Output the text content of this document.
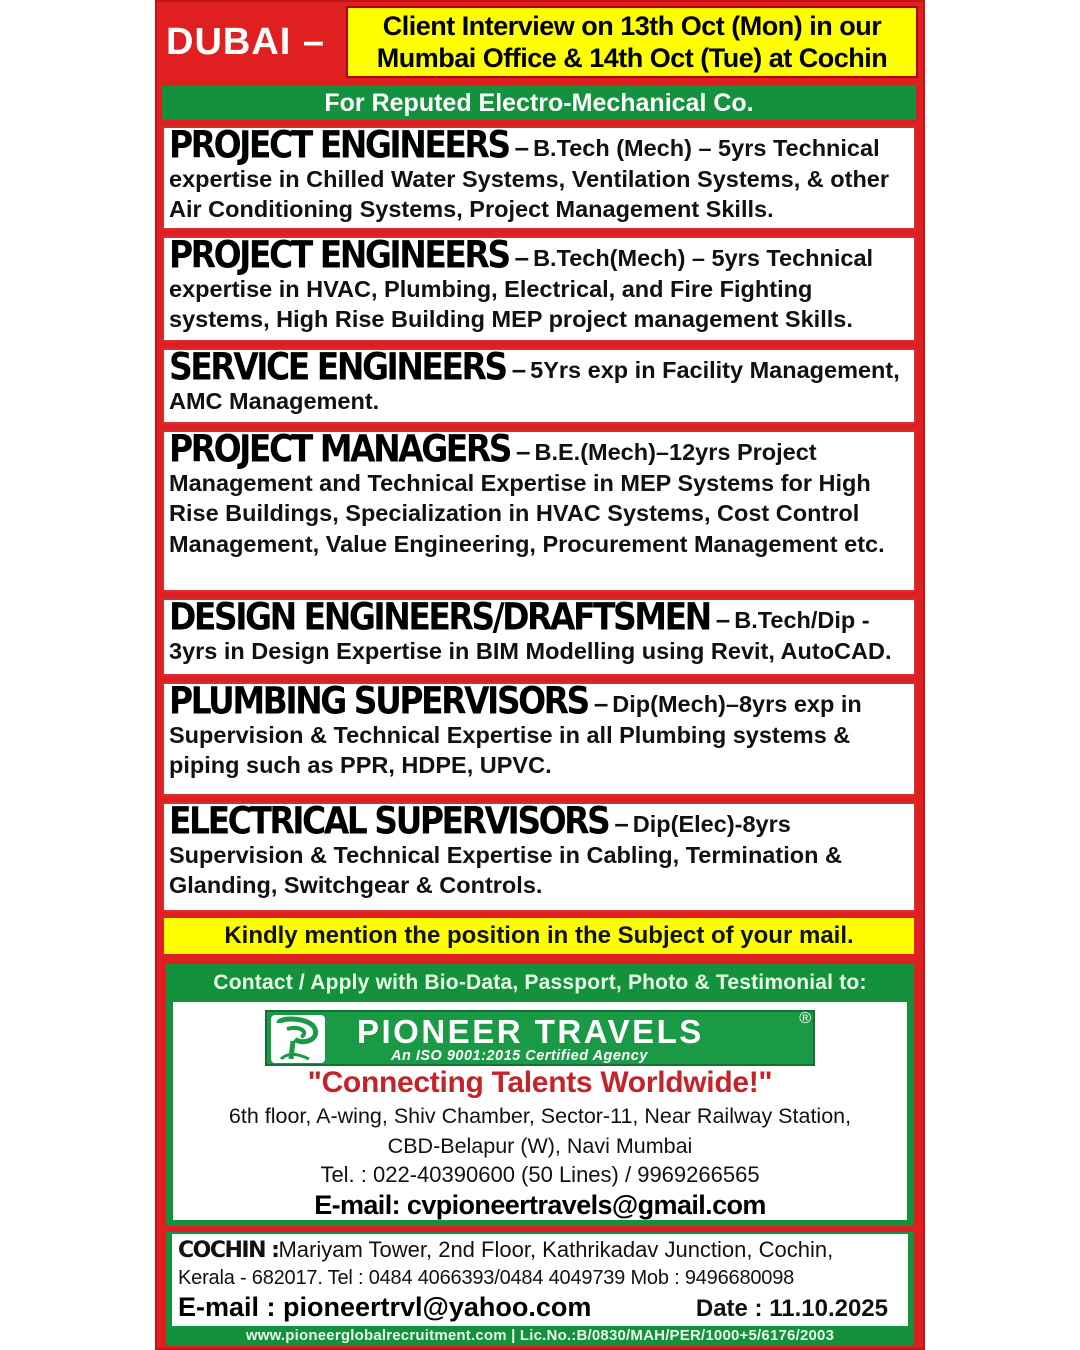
DUBAI –	Client Interview on 13th Oct (Mon) in our
Mumbai Office & 14th Oct (Tue) at Cochin
For Reputed Electro-Mechanical Co.
PROJECT ENGINEERS – B.Tech (Mech) – 5yrs Technical expertise in Chilled Water Systems, Ventilation Systems, & other Air Conditioning Systems, Project Management Skills.
PROJECT ENGINEERS – B.Tech(Mech) – 5yrs Technical expertise in HVAC, Plumbing, Electrical, and Fire Fighting systems, High Rise Building MEP project management Skills.
SERVICE ENGINEERS – 5Yrs exp in Facility Management, AMC Management.
PROJECT MANAGERS – B.E.(Mech)–12yrs Project Management and Technical Expertise in MEP Systems for High Rise Buildings, Specialization in HVAC Systems, Cost Control Management, Value Engineering, Procurement Management etc.
DESIGN ENGINEERS/DRAFTSMEN – B.Tech/Dip - 3yrs in Design Expertise in BIM Modelling using Revit, AutoCAD.
PLUMBING SUPERVISORS – Dip(Mech)–8yrs exp in Supervision & Technical Expertise in all Plumbing systems & piping such as PPR, HDPE, UPVC.
ELECTRICAL SUPERVISORS – Dip(Elec)-8yrs Supervision & Technical Expertise in Cabling, Termination & Glanding, Switchgear & Controls.
Kindly mention the position in the Subject of your mail.
Contact / Apply with Bio-Data, Passport, Photo & Testimonial to:
PIONEER TRAVELS	®
An ISO 9001:2015 Certified Agency
"Connecting Talents Worldwide!"
6th floor, A-wing, Shiv Chamber, Sector-11, Near Railway Station,
CBD-Belapur (W), Navi Mumbai
Tel. : 022-40390600 (50 Lines) / 9969266565
E-mail: cvpioneertravels@gmail.com
COCHIN :Mariyam Tower, 2nd Floor, Kathrikadav Junction, Cochin,
Kerala - 682017. Tel : 0484 4066393/0484 4049739 Mob : 9496680098
E-mail : pioneertrvl@yahoo.com	Date : 11.10.2025
www.pioneerglobalrecruitment.com | Lic.No.:B/0830/MAH/PER/1000+5/6176/2003
